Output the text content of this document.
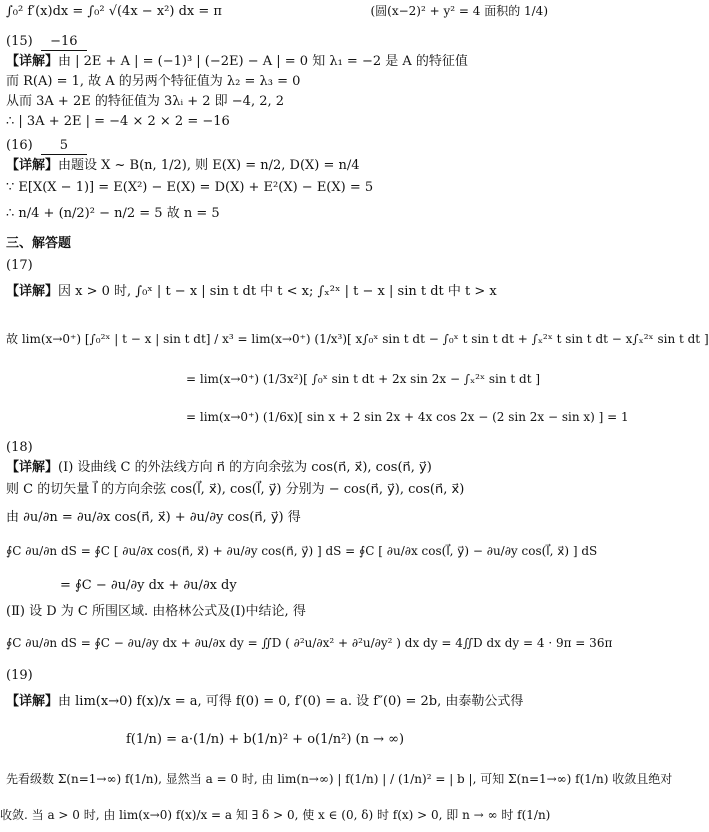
∫₀² f′(x)dx = ∫₀² √(4x − x²) dx = π	(圆(x−2)² + y² = 4 面积的 1/4)
(15) −16
【详解】由 | 2E + A | = (−1)³ | (−2E) − A | = 0 知 λ₁ = −2 是 A 的特征值
而 R(A) = 1, 故 A 的另两个特征值为 λ₂ = λ₃ = 0
从而 3A + 2E 的特征值为 3λᵢ + 2 即 −4, 2, 2
∴ | 3A + 2E | = −4 × 2 × 2 = −16
(16) 5
【详解】由题设 X ~ B(n, 1/2), 则 E(X) = n/2, D(X) = n/4
∵ E[X(X − 1)] = E(X²) − E(X) = D(X) + E²(X) − E(X) = 5
∴ n/4 + (n/2)² − n/2 = 5 故 n = 5
三、解答题
(17)
【详解】因 x > 0 时, ∫₀ˣ | t − x | sin t dt 中 t < x; ∫ₓ²ˣ | t − x | sin t dt 中 t > x
故 lim(x→0⁺) [∫₀²ˣ | t − x | sin t dt] / x³ = lim(x→0⁺) (1/x³)[ x∫₀ˣ sin t dt − ∫₀ˣ t sin t dt + ∫ₓ²ˣ t sin t dt − x∫ₓ²ˣ sin t dt ]
= lim(x→0⁺) (1/3x²)[ ∫₀ˣ sin t dt + 2x sin 2x − ∫ₓ²ˣ sin t dt ]
= lim(x→0⁺) (1/6x)[ sin x + 2 sin 2x + 4x cos 2x − (2 sin 2x − sin x) ] = 1
(18)
【详解】(Ⅰ) 设曲线 C 的外法线方向 n⃗ 的方向余弦为 cos(n⃗, x⃗), cos(n⃗, y⃗)
则 C 的切矢量 l⃗ 的方向余弦 cos(l⃗, x⃗), cos(l⃗, y⃗) 分别为 − cos(n⃗, y⃗), cos(n⃗, x⃗)
由 ∂u/∂n = ∂u/∂x cos(n⃗, x⃗) + ∂u/∂y cos(n⃗, y⃗) 得
∮C ∂u/∂n dS = ∮C [ ∂u/∂x cos(n⃗, x⃗) + ∂u/∂y cos(n⃗, y⃗) ] dS = ∮C [ ∂u/∂x cos(l⃗, y⃗) − ∂u/∂y cos(l⃗, x⃗) ] dS
= ∮C − ∂u/∂y dx + ∂u/∂x dy
(Ⅱ) 设 D 为 C 所围区域. 由格林公式及(Ⅰ)中结论, 得
∮C ∂u/∂n dS = ∮C − ∂u/∂y dx + ∂u/∂x dy = ∬D ( ∂²u/∂x² + ∂²u/∂y² ) dx dy = 4∬D dx dy = 4 · 9π = 36π
(19)
【详解】由 lim(x→0) f(x)/x = a, 可得 f(0) = 0, f′(0) = a. 设 f″(0) = 2b, 由泰勒公式得
f(1/n) = a·(1/n) + b(1/n)² + o(1/n²) (n → ∞)
先看级数 Σ(n=1→∞) f(1/n), 显然当 a = 0 时, 由 lim(n→∞) | f(1/n) | / (1/n)² = | b |, 可知 Σ(n=1→∞) f(1/n) 收敛且绝对
收敛. 当 a > 0 时, 由 lim(x→0) f(x)/x = a 知 ∃ δ > 0, 使 x ∈ (0, δ) 时 f(x) > 0, 即 n → ∞ 时 f(1/n)
